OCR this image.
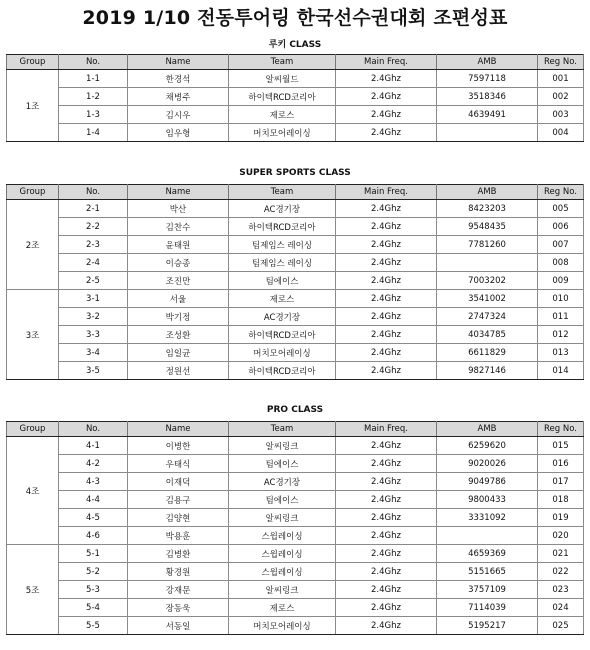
2019 1/10 전동투어링 한국선수권대회 조편성표
루키 CLASS
Group	No.	Name	Team	Main Freq.	AMB	Reg No.
1조	1-1	한경석	알씨월드	2.4Ghz	7597118	001
	1-2	채병주	하이텍RCD코리아	2.4Ghz	3518346	002
	1-3	김시우	제로스	2.4Ghz	4639491	003
	1-4	임우형	머치모어레이싱	2.4Ghz		004
SUPER SPORTS CLASS
Group	No.	Name	Team	Main Freq.	AMB	Reg No.
2조	2-1	박산	AC경기장	2.4Ghz	8423203	005
	2-2	김찬수	하이텍RCD코리아	2.4Ghz	9548435	006
	2-3	윤태원	팀제임스 레이싱	2.4Ghz	7781260	007
	2-4	이승종	팀제임스 레이싱	2.4Ghz		008
	2-5	조진만	팀에이스	2.4Ghz	7003202	009
3조	3-1	서울	제로스	2.4Ghz	3541002	010
	3-2	박기정	AC경기장	2.4Ghz	2747324	011
	3-3	조성환	하이텍RCD코리아	2.4Ghz	4034785	012
	3-4	임일균	머치모어레이싱	2.4Ghz	6611829	013
	3-5	정원선	하이텍RCD코리아	2.4Ghz	9827146	014
PRO CLASS
Group	No.	Name	Team	Main Freq.	AMB	Reg No.
4조	4-1	이병한	알씨링크	2.4Ghz	6259620	015
	4-2	우태식	팀에이스	2.4Ghz	9020026	016
	4-3	이재덕	AC경기장	2.4Ghz	9049786	017
	4-4	김용구	팀에이스	2.4Ghz	9800433	018
	4-5	김양현	알씨링크	2.4Ghz	3331092	019
	4-6	박용훈	스윕레이싱	2.4Ghz		020
5조	5-1	김병환	스윕레이싱	2.4Ghz	4659369	021
	5-2	황경원	스윕레이싱	2.4Ghz	5151665	022
	5-3	강재문	알씨링크	2.4Ghz	3757109	023
	5-4	장동욱	제로스	2.4Ghz	7114039	024
	5-5	서동일	머치모어레이싱	2.4Ghz	5195217	025
